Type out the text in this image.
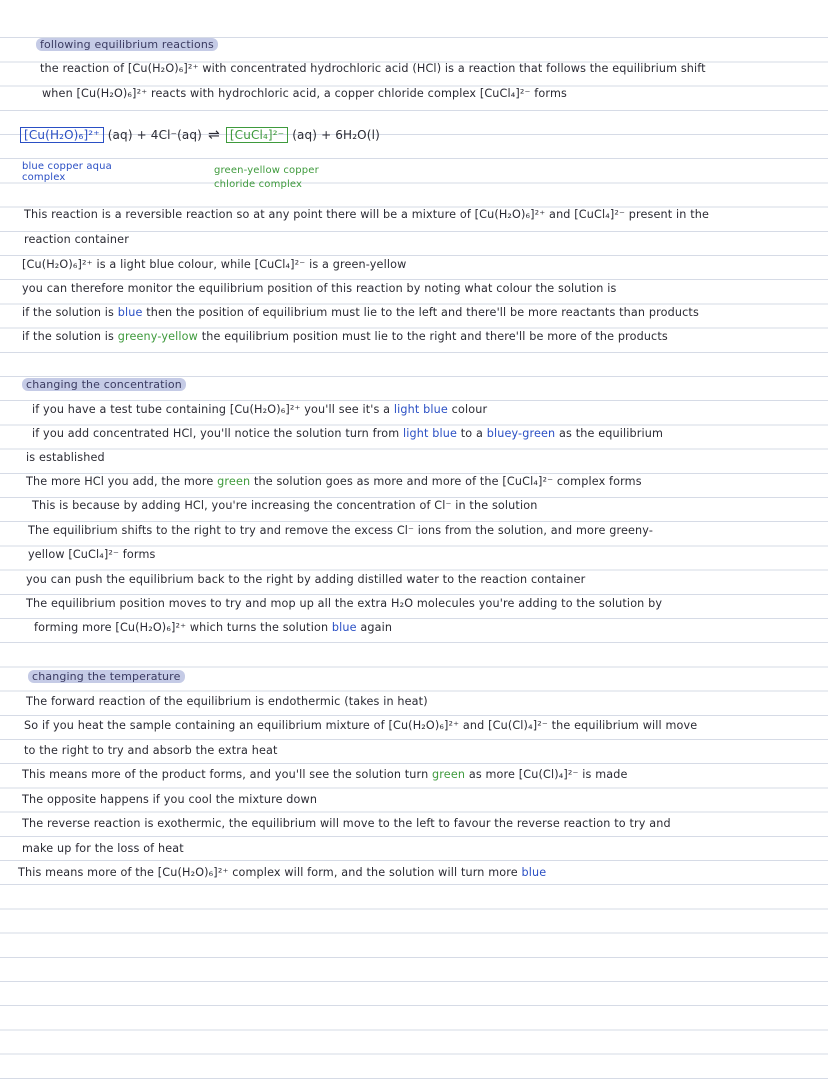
following equilibrium reactions
the reaction of [Cu(H₂O)₆]²⁺ with concentrated hydrochloric acid (HCl) is a reaction that follows the equilibrium shift
when [Cu(H₂O)₆]²⁺ reacts with hydrochloric acid, a copper chloride complex [CuCl₄]²⁻ forms
[Cu(H₂O)₆]²⁺ (aq) + 4Cl⁻(aq) ⇌ [CuCl₄]²⁻ (aq) + 6H₂O(l)
blue copper aqua
complex
green-yellow copper
chloride complex
This reaction is a reversible reaction so at any point there will be a mixture of [Cu(H₂O)₆]²⁺ and [CuCl₄]²⁻ present in the
reaction container
[Cu(H₂O)₆]²⁺ is a light blue colour, while [CuCl₄]²⁻ is a green-yellow
you can therefore monitor the equilibrium position of this reaction by noting what colour the solution is
if the solution is blue then the position of equilibrium must lie to the left and there'll be more reactants than products
if the solution is greeny-yellow the equilibrium position must lie to the right and there'll be more of the products
changing the concentration
if you have a test tube containing [Cu(H₂O)₆]²⁺ you'll see it's a light blue colour
if you add concentrated HCl, you'll notice the solution turn from light blue to a bluey-green as the equilibrium
is established
The more HCl you add, the more green the solution goes as more and more of the [CuCl₄]²⁻ complex forms
This is because by adding HCl, you're increasing the concentration of Cl⁻ in the solution
The equilibrium shifts to the right to try and remove the excess Cl⁻ ions from the solution, and more greeny-
yellow [CuCl₄]²⁻ forms
you can push the equilibrium back to the right by adding distilled water to the reaction container
The equilibrium position moves to try and mop up all the extra H₂O molecules you're adding to the solution by
forming more [Cu(H₂O)₆]²⁺ which turns the solution blue again
changing the temperature
The forward reaction of the equilibrium is endothermic (takes in heat)
So if you heat the sample containing an equilibrium mixture of [Cu(H₂O)₆]²⁺ and [Cu(Cl)₄]²⁻ the equilibrium will move
to the right to try and absorb the extra heat
This means more of the product forms, and you'll see the solution turn green as more [Cu(Cl)₄]²⁻ is made
The opposite happens if you cool the mixture down
The reverse reaction is exothermic, the equilibrium will move to the left to favour the reverse reaction to try and
make up for the loss of heat
This means more of the [Cu(H₂O)₆]²⁺ complex will form, and the solution will turn more blue
